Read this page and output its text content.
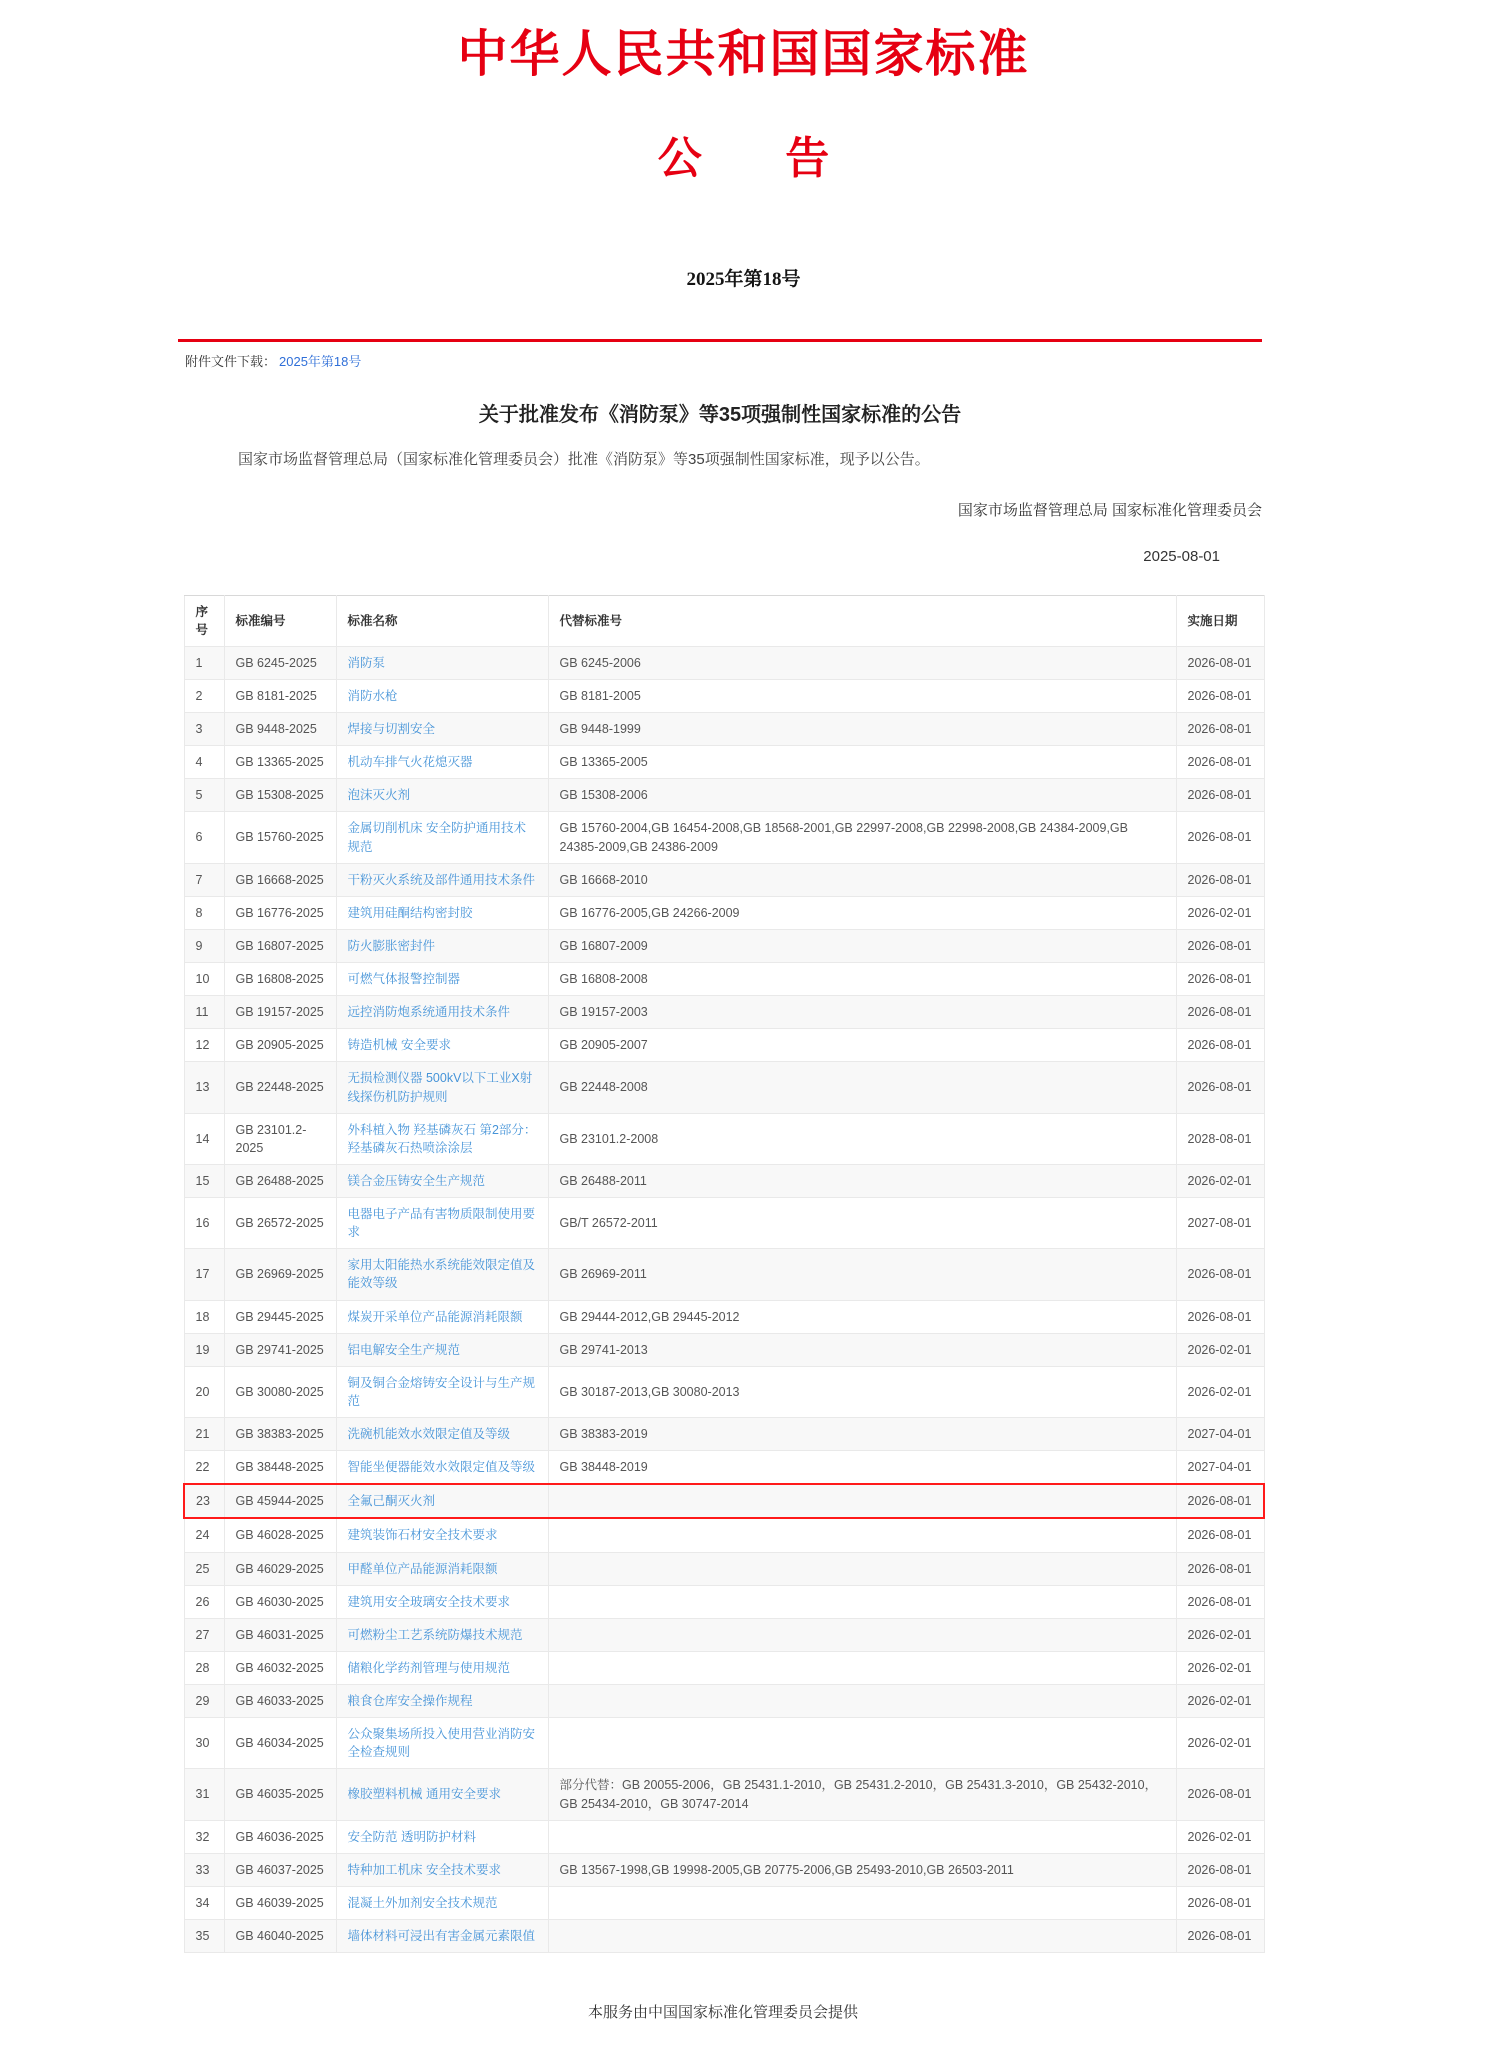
中华人民共和国国家标准
公　告
2025年第18号
附件文件下载： 2025年第18号
关于批准发布《消防泵》等35项强制性国家标准的公告

国家市场监督管理总局（国家标准化管理委员会）批准《消防泵》等35项强制性国家标准，现予以公告。

国家市场监督管理总局 国家标准化管理委员会
2025-08-01
序号	标准编号	标准名称	代替标准号	实施日期
1	GB 6245-2025	消防泵	GB 6245-2006	2026-08-01
2	GB 8181-2025	消防水枪	GB 8181-2005	2026-08-01
3	GB 9448-2025	焊接与切割安全	GB 9448-1999	2026-08-01
4	GB 13365-2025	机动车排气火花熄灭器	GB 13365-2005	2026-08-01
5	GB 15308-2025	泡沫灭火剂	GB 15308-2006	2026-08-01
6	GB 15760-2025	金属切削机床 安全防护通用技术规范	GB 15760-2004,GB 16454-2008,GB 18568-2001,GB 22997-2008,GB 22998-2008,GB 24384-2009,GB 24385-2009,GB 24386-2009	2026-08-01
7	GB 16668-2025	干粉灭火系统及部件通用技术条件	GB 16668-2010	2026-08-01
8	GB 16776-2025	建筑用硅酮结构密封胶	GB 16776-2005,GB 24266-2009	2026-02-01
9	GB 16807-2025	防火膨胀密封件	GB 16807-2009	2026-08-01
10	GB 16808-2025	可燃气体报警控制器	GB 16808-2008	2026-08-01
11	GB 19157-2025	远控消防炮系统通用技术条件	GB 19157-2003	2026-08-01
12	GB 20905-2025	铸造机械 安全要求	GB 20905-2007	2026-08-01
13	GB 22448-2025	无损检测仪器 500kV以下工业X射线探伤机防护规则	GB 22448-2008	2026-08-01
14	GB 23101.2-2025	外科植入物 羟基磷灰石 第2部分：羟基磷灰石热喷涂涂层	GB 23101.2-2008	2028-08-01
15	GB 26488-2025	镁合金压铸安全生产规范	GB 26488-2011	2026-02-01
16	GB 26572-2025	电器电子产品有害物质限制使用要求	GB/T 26572-2011	2027-08-01
17	GB 26969-2025	家用太阳能热水系统能效限定值及能效等级	GB 26969-2011	2026-08-01
18	GB 29445-2025	煤炭开采单位产品能源消耗限额	GB 29444-2012,GB 29445-2012	2026-08-01
19	GB 29741-2025	铝电解安全生产规范	GB 29741-2013	2026-02-01
20	GB 30080-2025	铜及铜合金熔铸安全设计与生产规范	GB 30187-2013,GB 30080-2013	2026-02-01
21	GB 38383-2025	洗碗机能效水效限定值及等级	GB 38383-2019	2027-04-01
22	GB 38448-2025	智能坐便器能效水效限定值及等级	GB 38448-2019	2027-04-01
23	GB 45944-2025	全氟己酮灭火剂		2026-08-01
24	GB 46028-2025	建筑装饰石材安全技术要求		2026-08-01
25	GB 46029-2025	甲醛单位产品能源消耗限额		2026-08-01
26	GB 46030-2025	建筑用安全玻璃安全技术要求		2026-08-01
27	GB 46031-2025	可燃粉尘工艺系统防爆技术规范		2026-02-01
28	GB 46032-2025	储粮化学药剂管理与使用规范		2026-02-01
29	GB 46033-2025	粮食仓库安全操作规程		2026-02-01
30	GB 46034-2025	公众聚集场所投入使用营业消防安全检查规则		2026-02-01
31	GB 46035-2025	橡胶塑料机械 通用安全要求	部分代替：GB 20055-2006，GB 25431.1-2010，GB 25431.2-2010，GB 25431.3-2010，GB 25432-2010，GB 25434-2010，GB 30747-2014	2026-08-01
32	GB 46036-2025	安全防范 透明防护材料		2026-02-01
33	GB 46037-2025	特种加工机床 安全技术要求	GB 13567-1998,GB 19998-2005,GB 20775-2006,GB 25493-2010,GB 26503-2011	2026-08-01
34	GB 46039-2025	混凝土外加剂安全技术规范		2026-08-01
35	GB 46040-2025	墙体材料可浸出有害金属元素限值		2026-08-01
本服务由中国国家标准化管理委员会提供
